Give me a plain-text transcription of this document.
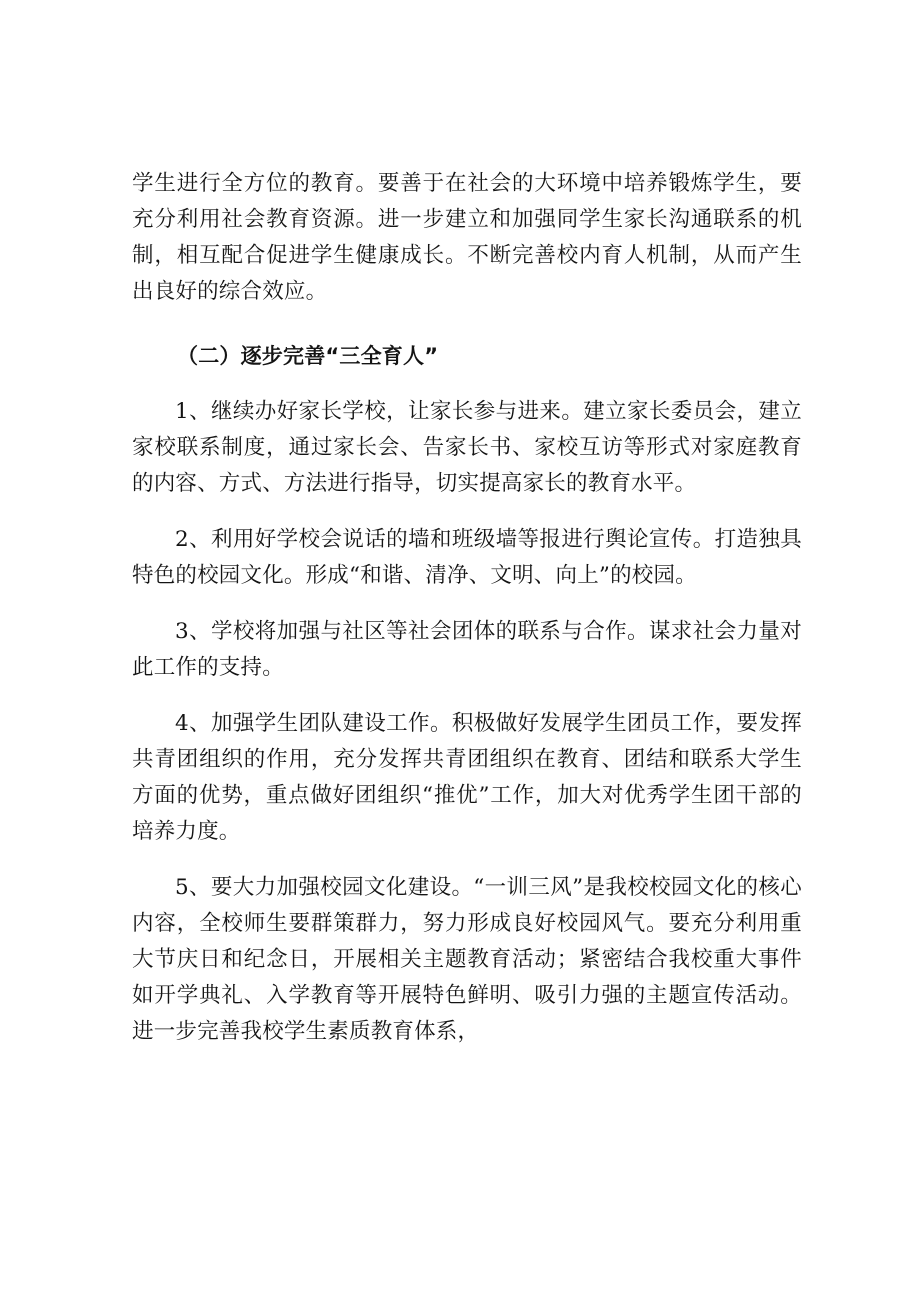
学生进行全方位的教育。要善于在社会的大环境中培养锻炼学生，要充分利用社会教育资源。进一步建立和加强同学生家长沟通联系的机制，相互配合促进学生健康成长。不断完善校内育人机制，从而产生出良好的综合效应。

（二）逐步完善“三全育人”

1、继续办好家长学校，让家长参与进来。建立家长委员会，建立家校联系制度，通过家长会、告家长书、家校互访等形式对家庭教育的内容、方式、方法进行指导，切实提高家长的教育水平。

2、利用好学校会说话的墙和班级墙等报进行舆论宣传。打造独具特色的校园文化。形成“和谐、清净、文明、向上”的校园。

3、学校将加强与社区等社会团体的联系与合作。谋求社会力量对此工作的支持。

4、加强学生团队建设工作。积极做好发展学生团员工作，要发挥共青团组织的作用，充分发挥共青团组织在教育、团结和联系大学生方面的优势，重点做好团组织“推优”工作，加大对优秀学生团干部的培养力度。

5、要大力加强校园文化建设。“一训三风”是我校校园文化的核心内容，全校师生要群策群力，努力形成良好校园风气。要充分利用重大节庆日和纪念日，开展相关主题教育活动；紧密结合我校重大事件如开学典礼、入学教育等开展特色鲜明、吸引力强的主题宣传活动。进一步完善我校学生素质教育体系，
